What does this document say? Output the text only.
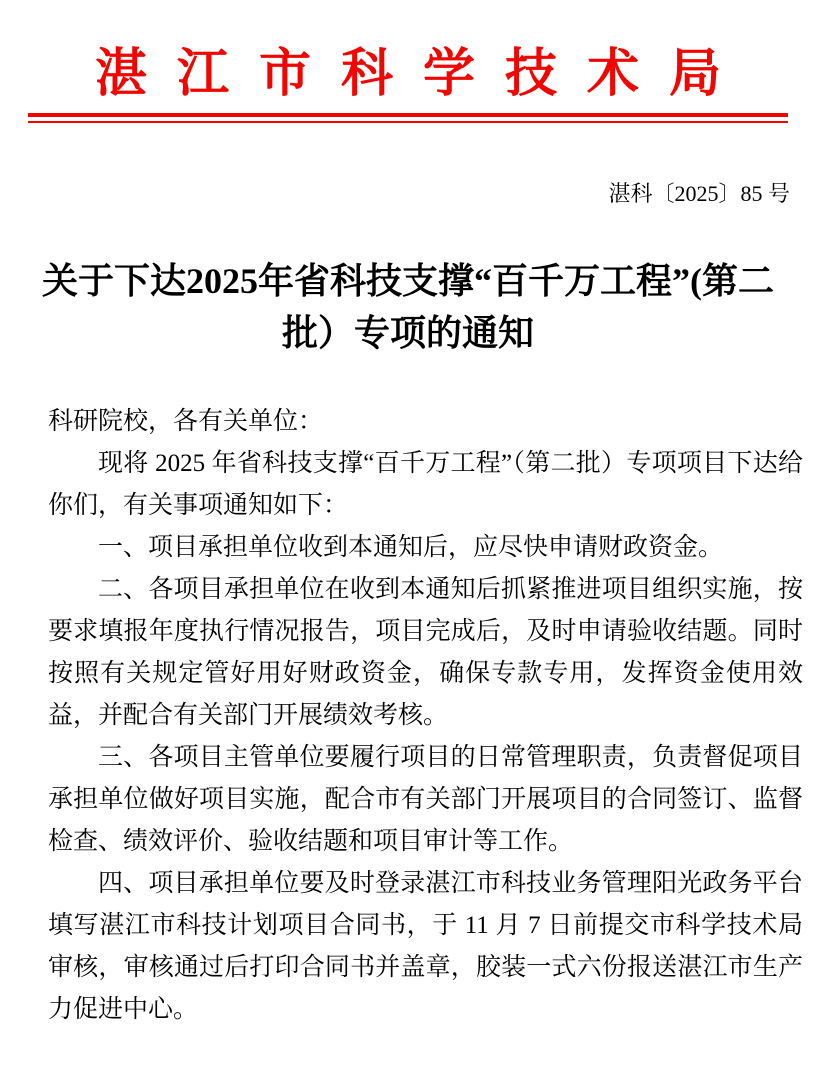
湛江市科学技术局
湛科〔2025〕85 号
关于下达2025年省科技支撑“百千万工程”(第二
批）专项的通知

科研院校，各有关单位：

现将 2025 年省科技支撑“百千万工程”（第二批）专项项目下达给你们，有关事项通知如下：

一、项目承担单位收到本通知后，应尽快申请财政资金。

二、各项目承担单位在收到本通知后抓紧推进项目组织实施，按要求填报年度执行情况报告，项目完成后，及时申请验收结题。同时按照有关规定管好用好财政资金，确保专款专用，发挥资金使用效益，并配合有关部门开展绩效考核。

三、各项目主管单位要履行项目的日常管理职责，负责督促项目承担单位做好项目实施，配合市有关部门开展项目的合同签订、监督检查、绩效评价、验收结题和项目审计等工作。

四、项目承担单位要及时登录湛江市科技业务管理阳光政务平台填写湛江市科技计划项目合同书，于 11 月 7 日前提交市科学技术局审核，审核通过后打印合同书并盖章，胶装一式六份报送湛江市生产力促进中心。
